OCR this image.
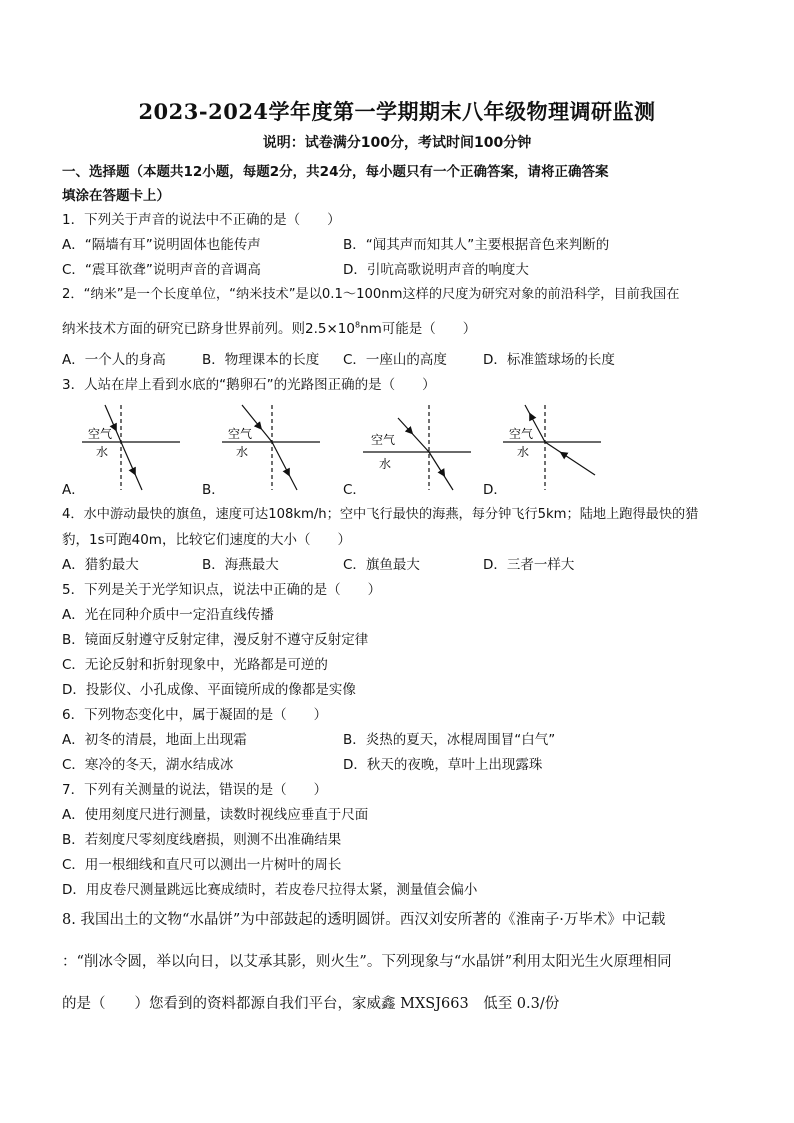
2023-2024学年度第一学期期末八年级物理调研监测
说明：试卷满分100分，考试时间100分钟
一、选择题（本题共12小题，每题2分，共24分，每小题只有一个正确答案，请将正确答案
填涂在答题卡上）
1．下列关于声音的说法中不正确的是（　　）
A．“隔墙有耳”说明固体也能传声	B．“闻其声而知其人”主要根据音色来判断的
C．“震耳欲聋”说明声音的音调高	D．引吭高歌说明声音的响度大
2．“纳米”是一个长度单位，“纳米技术”是以0.1～100nm这样的尺度为研究对象的前沿科学，目前我国在
纳米技术方面的研究已跻身世界前列。则$2.5\times 10^8nm$可能是（　　）
A．一个人的身高	B．物理课本的长度 C．一座山的高度	D．标准篮球场的长度
3．人站在岸上看到水底的“鹅卵石”的光路图正确的是（　　）
空气
水
A．
空气
水
B．
空气
水
C．
空气
水
D．
4．水中游动最快的旗鱼，速度可达108km/h；空中飞行最快的海燕，每分钟飞行5km；陆地上跑得最快的猎
豹，1s可跑40m，比较它们速度的大小（　　）
A．猎豹最大	B．海燕最大	C．旗鱼最大	D．三者一样大
5．下列是关于光学知识点，说法中正确的是（　　）
A．光在同种介质中一定沿直线传播
B．镜面反射遵守反射定律，漫反射不遵守反射定律
C．无论反射和折射现象中，光路都是可逆的
D．投影仪、小孔成像、平面镜所成的像都是实像
6．下列物态变化中，属于凝固的是（　　）
A．初冬的清晨，地面上出现霜	B．炎热的夏天，冰棍周围冒“白气”
C．寒冷的冬天，湖水结成冰	D．秋天的夜晚，草叶上出现露珠
7．下列有关测量的说法，错误的是（　　）
A．使用刻度尺进行测量，读数时视线应垂直于尺面
B．若刻度尺零刻度线磨损，则测不出准确结果
C．用一根细线和直尺可以测出一片树叶的周长
D．用皮卷尺测量跳远比赛成绩时，若皮卷尺拉得太紧，测量值会偏小
8. 我国出土的文物“水晶饼”为中部鼓起的透明圆饼。西汉刘安所著的《淮南子·万毕术》中记载
：“削冰令圆，举以向日，以艾承其影，则火生”。下列现象与“水晶饼”利用太阳光生火原理相同
的是（　　）您看到的资料都源自我们平台，家威鑫 MXSJ663　低至 0.3/份
